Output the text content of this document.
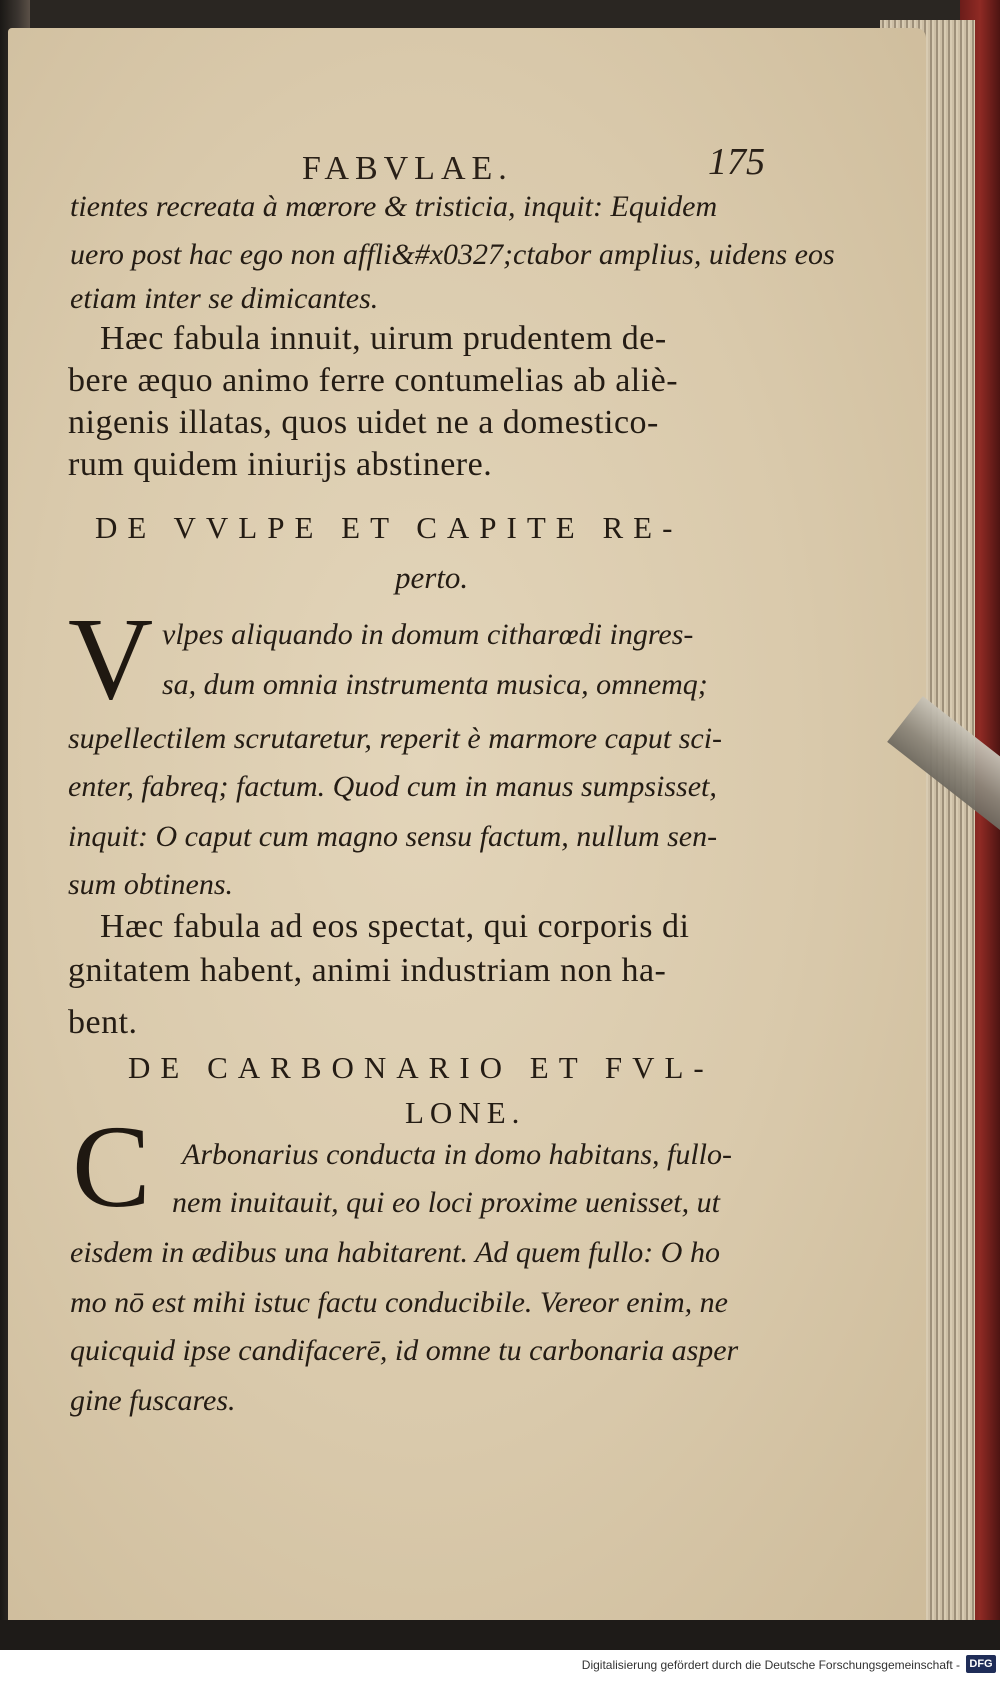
FABVLAE.	175
tientes recreata à mœrore & tristicia, inquit: Equidem
uero post hac ego non affli&#x0327;ctabor amplius, uidens eos
etiam inter se dimicantes.
Hæc fabula innuit, uirum prudentem de-
bere æquo animo ferre contumelias ab aliè-
nigenis illatas, quos uidet ne a domestico-
rum quidem iniurĳs abstinere.
DE VVLPE ET CAPITE RE-
perto.
V vlpes aliquando in domum citharœdi ingres-
sa, dum omnia instrumenta musica, omnemq;
supellectilem scrutaretur, reperit è marmore caput sci-
enter, fabreq; factum. Quod cum in manus sumpsisset,
inquit: O caput cum magno sensu factum, nullum sen-
sum obtinens.
Hæc fabula ad eos spectat, qui corporis di
gnitatem habent, animi industriam non ha-
bent.
DE CARBONARIO ET FVL-
LONE.
C Arbonarius conducta in domo habitans, fullo-
nem inuitauit, qui eo loci proxime uenisset, ut
eisdem in ædibus una habitarent. Ad quem fullo: O ho
mo nō est mihi istuc factu conducibile. Vereor enim, ne
quicquid ipse candifacerē, id omne tu carbonaria asper
gine fuscares.
Digitalisierung gefördert durch die Deutsche Forschungsgemeinschaft - DFG
